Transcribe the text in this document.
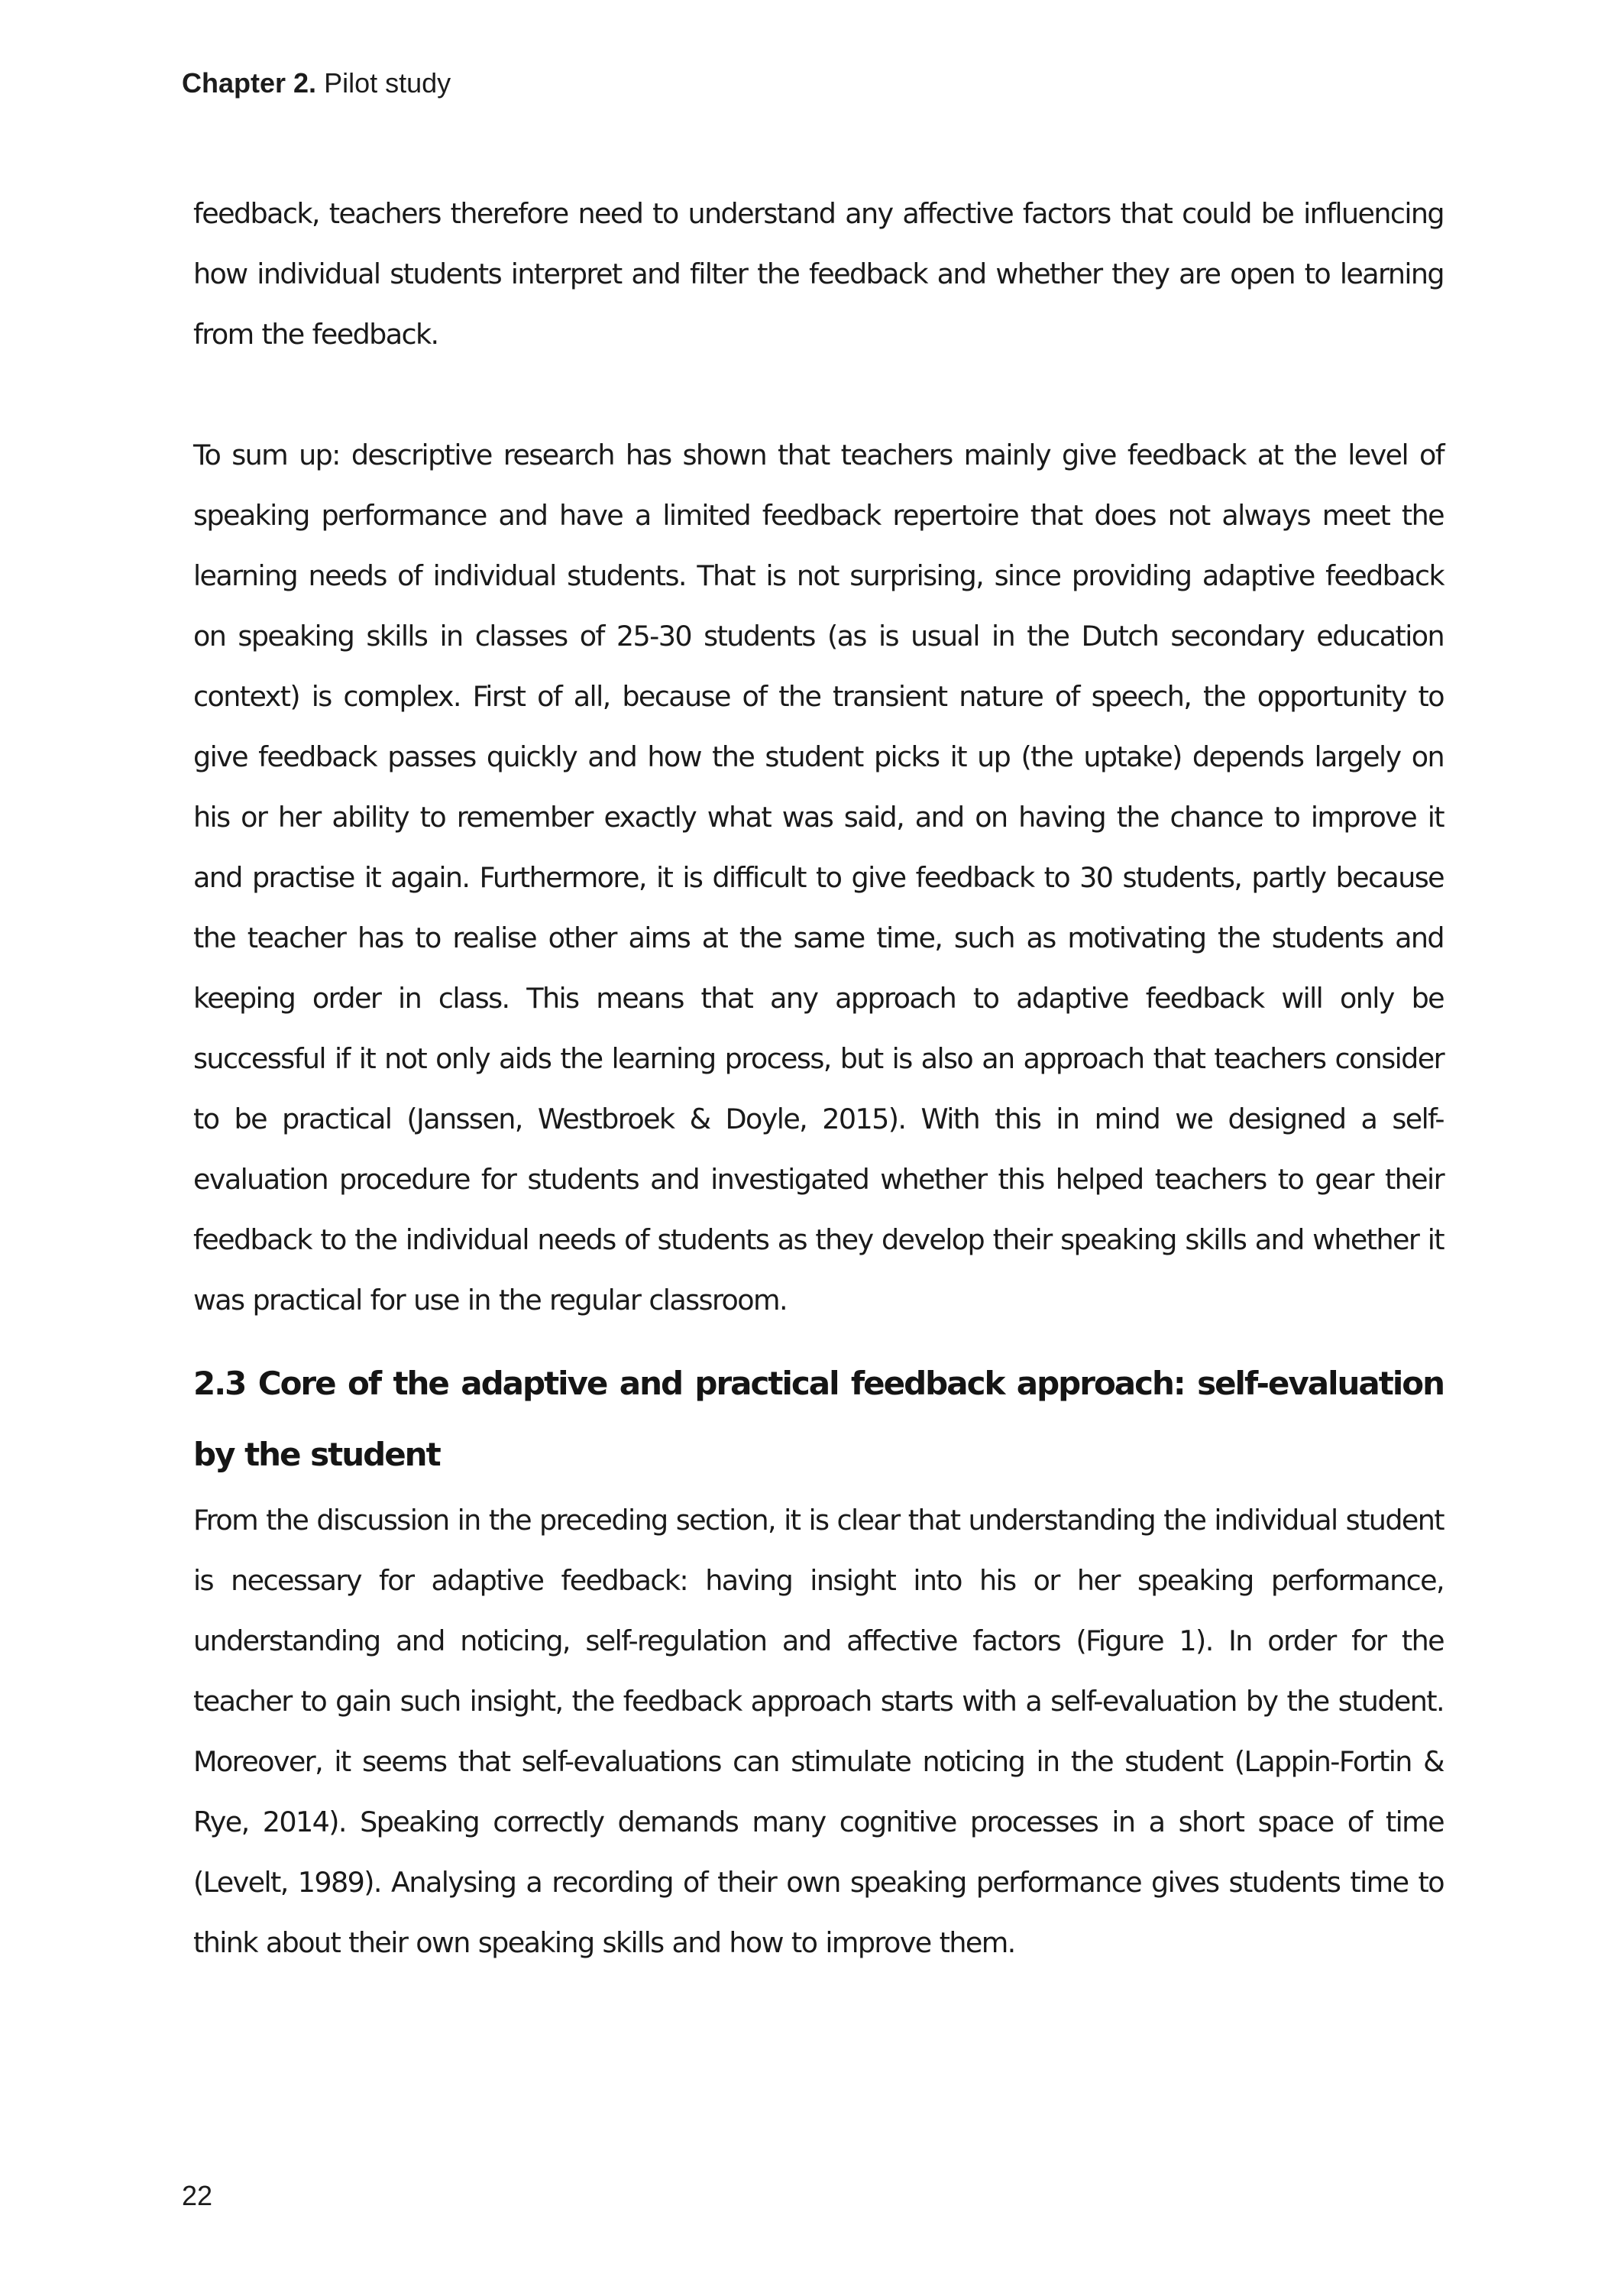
Chapter 2. Pilot study

feedback, teachers therefore need to understand any affective factors that could be influencing how individual students interpret and filter the feedback and whether they are open to learning from the feedback.

To sum up: descriptive research has shown that teachers mainly give feedback at the level of speaking performance and have a limited feedback repertoire that does not always meet the learning needs of individual students. That is not surprising, since providing adaptive feedback on speaking skills in classes of 25-30 students (as is usual in the Dutch secondary education context) is complex. First of all, because of the transient nature of speech, the opportunity to give feedback passes quickly and how the student picks it up (the uptake) depends largely on his or her ability to remember exactly what was said, and on having the chance to improve it and practise it again. Furthermore, it is difficult to give feedback to 30 students, partly because the teacher has to realise other aims at the same time, such as motivating the students and keeping order in class. This means that any approach to adaptive feedback will only be successful if it not only aids the learning process, but is also an approach that teachers consider to be practical (Janssen, Westbroek & Doyle, 2015). With this in mind we designed a self-evaluation procedure for students and investigated whether this helped teachers to gear their feedback to the individual needs of students as they develop their speaking skills and whether it was practical for use in the regular classroom.

2.3 Core of the adaptive and practical feedback approach: self-evaluation by the student

From the discussion in the preceding section, it is clear that understanding the individual student is necessary for adaptive feedback: having insight into his or her speaking performance, understanding and noticing, self-regulation and affective factors (Figure 1). In order for the teacher to gain such insight, the feedback approach starts with a self-evaluation by the student. Moreover, it seems that self-evaluations can stimulate noticing in the student (Lappin-Fortin & Rye, 2014). Speaking correctly demands many cognitive processes in a short space of time (Levelt, 1989). Analysing a recording of their own speaking performance gives students time to think about their own speaking skills and how to improve them.

22
